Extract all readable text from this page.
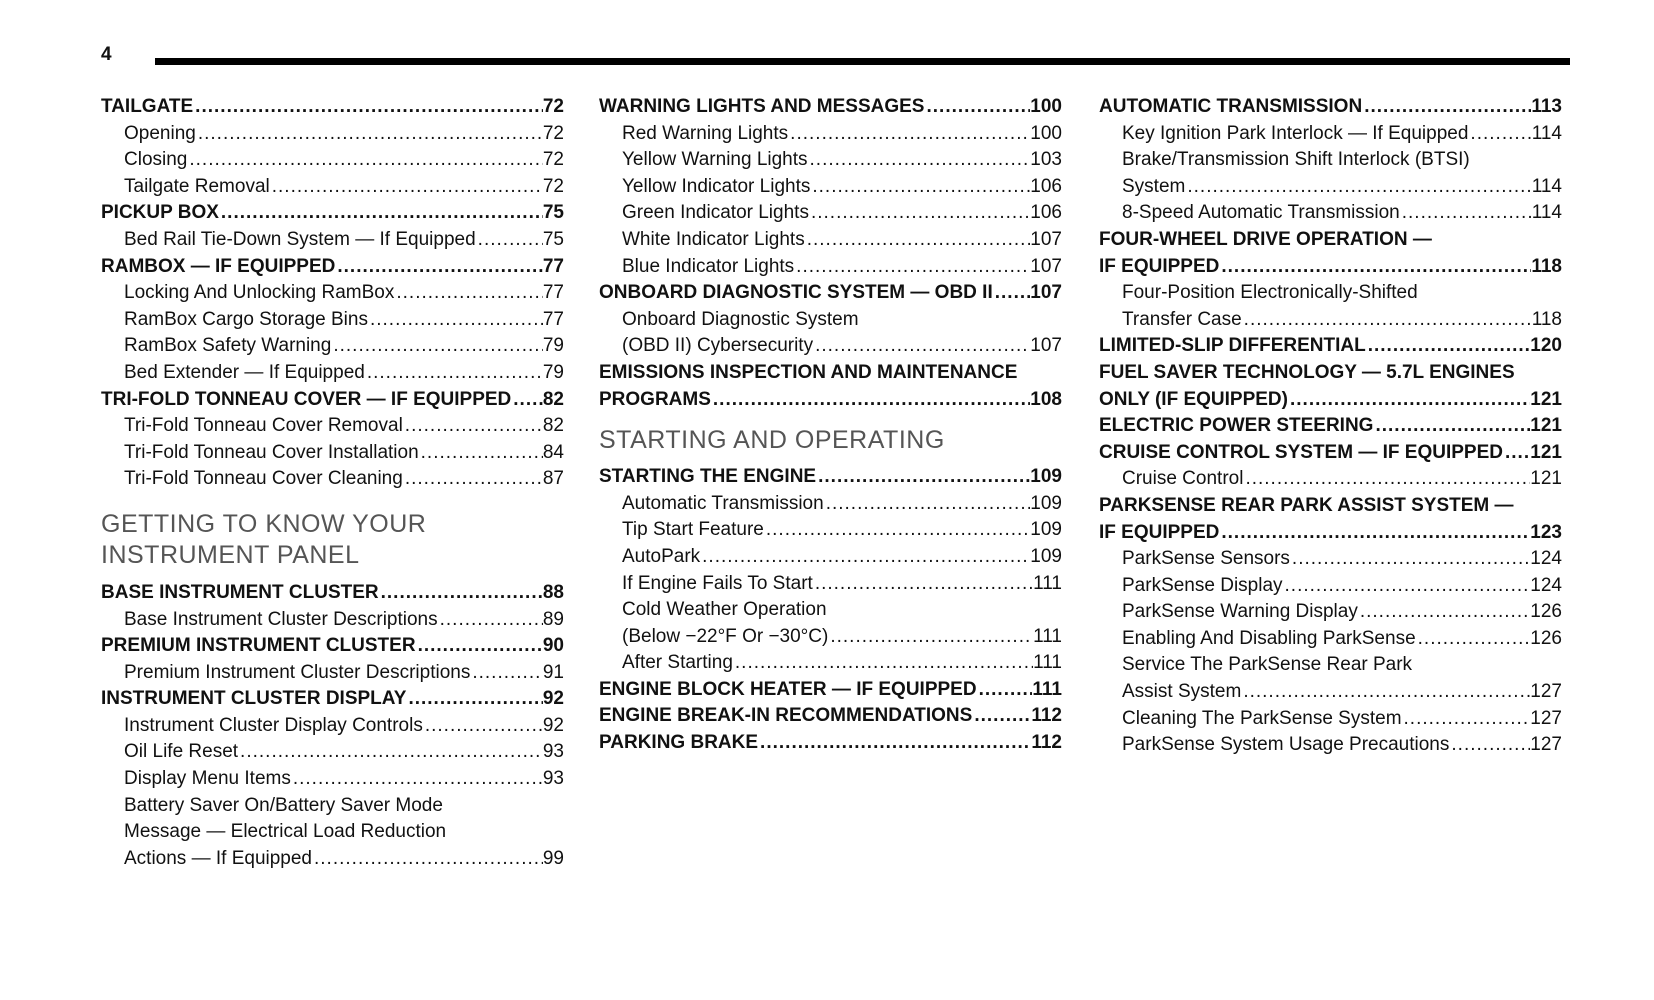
4
TAILGATE .....	72
Opening .....	72
Closing .....	72
Tailgate Removal .....	72
PICKUP BOX .....	75
Bed Rail Tie-Down System — If Equipped .....	75
RAMBOX — IF EQUIPPED .....	77
Locking And Unlocking RamBox .....	77
RamBox Cargo Storage Bins .....	77
RamBox Safety Warning .....	79
Bed Extender — If Equipped .....	79
TRI-FOLD TONNEAU COVER — IF EQUIPPED ..... 82
Tri-Fold Tonneau Cover Removal .....	82
Tri-Fold Tonneau Cover Installation .....	84
Tri-Fold Tonneau Cover Cleaning .....	87
GETTING TO KNOW YOUR
INSTRUMENT PANEL
BASE INSTRUMENT CLUSTER .....	88
Base Instrument Cluster Descriptions .....	89
PREMIUM INSTRUMENT CLUSTER .....	90
Premium Instrument Cluster Descriptions .....	91
INSTRUMENT CLUSTER DISPLAY .....	92
Instrument Cluster Display Controls .....	92
Oil Life Reset .....	93
Display Menu Items .....	93
Battery Saver On/Battery Saver Mode
Message — Electrical Load Reduction
Actions — If Equipped .....	99
WARNING LIGHTS AND MESSAGES .....	100
Red Warning Lights .....	100
Yellow Warning Lights .....	103
Yellow Indicator Lights .....	106
Green Indicator Lights .....	106
White Indicator Lights .....	107
Blue Indicator Lights .....	107
ONBOARD DIAGNOSTIC SYSTEM — OBD II ..... 107
Onboard Diagnostic System
(OBD II) Cybersecurity .....	107
EMISSIONS INSPECTION AND MAINTENANCE
PROGRAMS .....	108
STARTING AND OPERATING
STARTING THE ENGINE .....	109
Automatic Transmission .....	109
Tip Start Feature .....	109
AutoPark .....	109
If Engine Fails To Start .....	111
Cold Weather Operation
(Below −22°F Or −30°C) .....	111
After Starting .....	111
ENGINE BLOCK HEATER — IF EQUIPPED .....	111
ENGINE BREAK-IN RECOMMENDATIONS .....	112
PARKING BRAKE .....	112
AUTOMATIC TRANSMISSION .....	113
Key Ignition Park Interlock — If Equipped .....	114
Brake/Transmission Shift Interlock (BTSI)
System .....	114
8-Speed Automatic Transmission .....	114
FOUR-WHEEL DRIVE OPERATION —
IF EQUIPPED .....	118
Four-Position Electronically-Shifted
Transfer Case .....	118
LIMITED-SLIP DIFFERENTIAL .....	120
FUEL SAVER TECHNOLOGY — 5.7L ENGINES
ONLY (IF EQUIPPED) .....	121
ELECTRIC POWER STEERING .....	121
CRUISE CONTROL SYSTEM — IF EQUIPPED ..... 121
Cruise Control .....	121
PARKSENSE REAR PARK ASSIST SYSTEM —
IF EQUIPPED .....	123
ParkSense Sensors .....	124
ParkSense Display .....	124
ParkSense Warning Display .....	126
Enabling And Disabling ParkSense .....	126
Service The ParkSense Rear Park
Assist System .....	127
Cleaning The ParkSense System .....	127
ParkSense System Usage Precautions .....	127
